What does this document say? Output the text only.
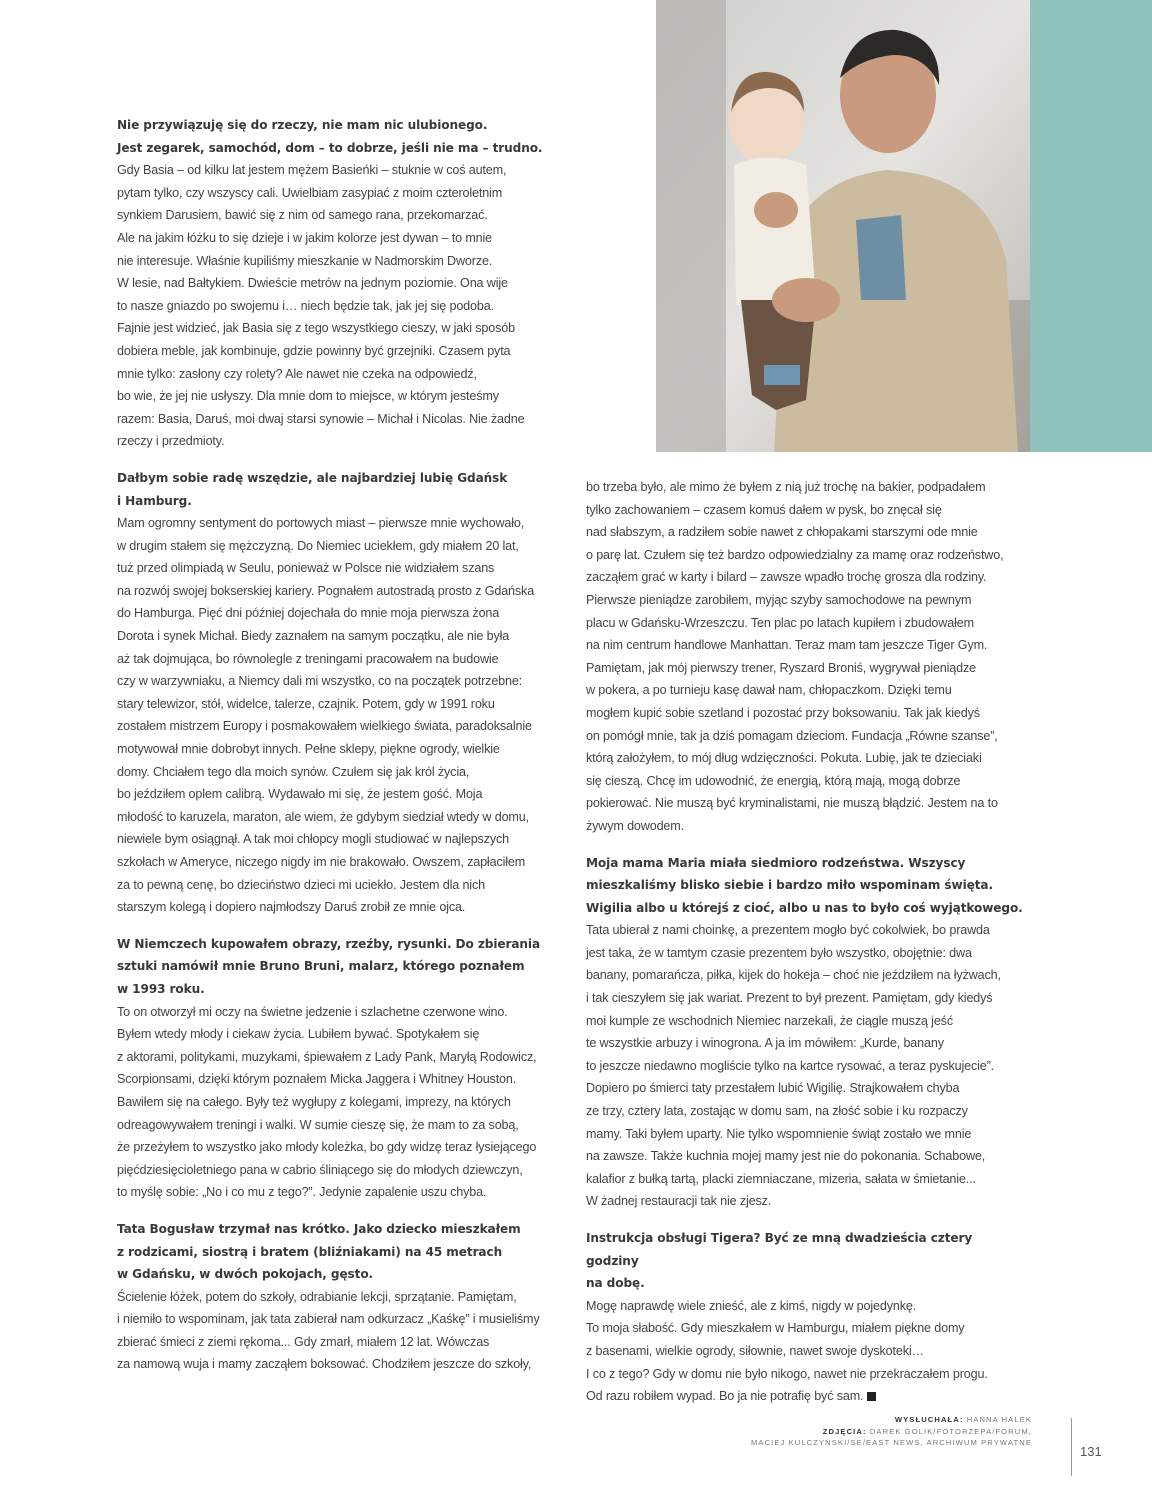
Nie przywiązuję się do rzeczy, nie mam nic ulubionego.
Jest zegarek, samochód, dom – to dobrze, jeśli nie ma – trudno.

Gdy Basia – od kilku lat jestem mężem Basieńki – stuknie w coś autem,
pytam tylko, czy wszyscy cali. Uwielbiam zasypiać z moim czteroletnim
synkiem Darusiem, bawić się z nim od samego rana, przekomarzać.
Ale na jakim łóżku to się dzieje i w jakim kolorze jest dywan – to mnie
nie interesuje. Właśnie kupiliśmy mieszkanie w Nadmorskim Dworze.
W lesie, nad Bałtykiem. Dwieście metrów na jednym poziomie. Ona wije
to nasze gniazdo po swojemu i… niech będzie tak, jak jej się podoba.
Fajnie jest widzieć, jak Basia się z tego wszystkiego cieszy, w jaki sposób
dobiera meble, jak kombinuje, gdzie powinny być grzejniki. Czasem pyta
mnie tylko: zasłony czy rolety? Ale nawet nie czeka na odpowiedź,
bo wie, że jej nie usłyszy. Dla mnie dom to miejsce, w którym jesteśmy
razem: Basia, Daruś, moi dwaj starsi synowie – Michał i Nicolas. Nie żadne
rzeczy i przedmioty.

Dałbym sobie radę wszędzie, ale najbardziej lubię Gdańsk
i Hamburg.

Mam ogromny sentyment do portowych miast – pierwsze mnie wychowało,
w drugim stałem się mężczyzną. Do Niemiec uciekłem, gdy miałem 20 lat,
tuż przed olimpiadą w Seulu, ponieważ w Polsce nie widziałem szans
na rozwój swojej bokserskiej kariery. Pognałem autostradą prosto z Gdańska
do Hamburga. Pięć dni później dojechała do mnie moja pierwsza żona
Dorota i synek Michał. Biedy zaznałem na samym początku, ale nie była
aż tak dojmująca, bo równolegle z treningami pracowałem na budowie
czy w warzywniaku, a Niemcy dali mi wszystko, co na początek potrzebne:
stary telewizor, stół, widelce, talerze, czajnik. Potem, gdy w 1991 roku
zostałem mistrzem Europy i posmakowałem wielkiego świata, paradoksalnie
motywował mnie dobrobyt innych. Pełne sklepy, piękne ogrody, wielkie
domy. Chciałem tego dla moich synów. Czułem się jak król życia,
bo jeździłem oplem calibrą. Wydawało mi się, że jestem gość. Moja
młodość to karuzela, maraton, ale wiem, że gdybym siedział wtedy w domu,
niewiele bym osiągnął. A tak moi chłopcy mogli studiować w najlepszych
szkołach w Ameryce, niczego nigdy im nie brakowało. Owszem, zapłaciłem
za to pewną cenę, bo dzieciństwo dzieci mi uciekło. Jestem dla nich
starszym kolegą i dopiero najmłodszy Daruś zrobił ze mnie ojca.

W Niemczech kupowałem obrazy, rzeźby, rysunki. Do zbierania
sztuki namówił mnie Bruno Bruni, malarz, którego poznałem
w 1993 roku.

To on otworzył mi oczy na świetne jedzenie i szlachetne czerwone wino.
Byłem wtedy młody i ciekaw życia. Lubiłem bywać. Spotykałem się
z aktorami, politykami, muzykami, śpiewałem z Lady Pank, Maryłą Rodowicz,
Scorpionsami, dzięki którym poznałem Micka Jaggera i Whitney Houston.
Bawiłem się na całego. Były też wygłupy z kolegami, imprezy, na których
odreagowywałem treningi i walki. W sumie cieszę się, że mam to za sobą,
że przeżyłem to wszystko jako młody koleżka, bo gdy widzę teraz łysiejącego
pięćdziesięcioletniego pana w cabrio śliniącego się do młodych dziewczyn,
to myślę sobie: „No i co mu z tego?”. Jedynie zapalenie uszu chyba.

Tata Bogusław trzymał nas krótko. Jako dziecko mieszkałem
z rodzicami, siostrą i bratem (bliźniakami) na 45 metrach
w Gdańsku, w dwóch pokojach, gęsto.

Ścielenie łóżek, potem do szkoły, odrabianie lekcji, sprzątanie. Pamiętam,
i niemiło to wspominam, jak tata zabierał nam odkurzacz „Kaśkę” i musieliśmy
zbierać śmieci z ziemi rękoma... Gdy zmarł, miałem 12 lat. Wówczas
za namową wuja i mamy zacząłem boksować. Chodziłem jeszcze do szkoły,

bo trzeba było, ale mimo że byłem z nią już trochę na bakier, podpadałem
tylko zachowaniem – czasem komuś dałem w pysk, bo znęcał się
nad słabszym, a radziłem sobie nawet z chłopakami starszymi ode mnie
o parę lat. Czułem się też bardzo odpowiedzialny za mamę oraz rodzeństwo,
zacząłem grać w karty i bilard – zawsze wpadło trochę grosza dla rodziny.
Pierwsze pieniądze zarobiłem, myjąc szyby samochodowe na pewnym
placu w Gdańsku-Wrzeszczu. Ten plac po latach kupiłem i zbudowałem
na nim centrum handlowe Manhattan. Teraz mam tam jeszcze Tiger Gym.
Pamiętam, jak mój pierwszy trener, Ryszard Broniś, wygrywał pieniądze
w pokera, a po turnieju kasę dawał nam, chłopaczkom. Dzięki temu
mogłem kupić sobie szetland i pozostać przy boksowaniu. Tak jak kiedyś
on pomógł mnie, tak ja dziś pomagam dzieciom. Fundacja „Równe szanse”,
którą założyłem, to mój dług wdzięczności. Pokuta. Lubię, jak te dzieciaki
się cieszą. Chcę im udowodnić, że energią, którą mają, mogą dobrze
pokierować. Nie muszą być kryminalistami, nie muszą błądzić. Jestem na to
żywym dowodem.

Moja mama Maria miała siedmioro rodzeństwa. Wszyscy
mieszkaliśmy blisko siebie i bardzo miło wspominam święta.
Wigilia albo u którejś z cioć, albo u nas to było coś wyjątkowego.

Tata ubierał z nami choinkę, a prezentem mogło być cokolwiek, bo prawda
jest taka, że w tamtym czasie prezentem było wszystko, obojętnie: dwa
banany, pomarańcza, piłka, kijek do hokeja – choć nie jeździłem na łyżwach,
i tak cieszyłem się jak wariat. Prezent to był prezent. Pamiętam, gdy kiedyś
moi kumple ze wschodnich Niemiec narzekali, że ciągle muszą jeść
te wszystkie arbuzy i winogrona. A ja im mówiłem: „Kurde, banany
to jeszcze niedawno mogliście tylko na kartce rysować, a teraz pyskujecie”.
Dopiero po śmierci taty przestałem lubić Wigilię. Strajkowałem chyba
ze trzy, cztery lata, zostając w domu sam, na złość sobie i ku rozpaczy
mamy. Taki byłem uparty. Nie tylko wspomnienie świąt zostało we mnie
na zawsze. Także kuchnia mojej mamy jest nie do pokonania. Schabowe,
kalafior z bułką tartą, placki ziemniaczane, mizeria, sałata w śmietanie...
W żadnej restauracji tak nie zjesz.

Instrukcja obsługi Tigera? Być ze mną dwadzieścia cztery godziny
na dobę.

Mogę naprawdę wiele znieść, ale z kimś, nigdy w pojedynkę.
To moja słabość. Gdy mieszkałem w Hamburgu, miałem piękne domy
z basenami, wielkie ogrody, siłownie, nawet swoje dyskoteki…
I co z tego? Gdy w domu nie było nikogo, nawet nie przekraczałem progu.
Od razu robiłem wypad. Bo ja nie potrafię być sam.

WYSŁUCHAŁA: HANNA HALEK
ZDJĘCIA: DAREK GOLIK/FOTORZEPA/FORUM,
MACIEJ KULCZYŃSKI/SE/EAST NEWS, ARCHIWUM PRYWATNE
131
